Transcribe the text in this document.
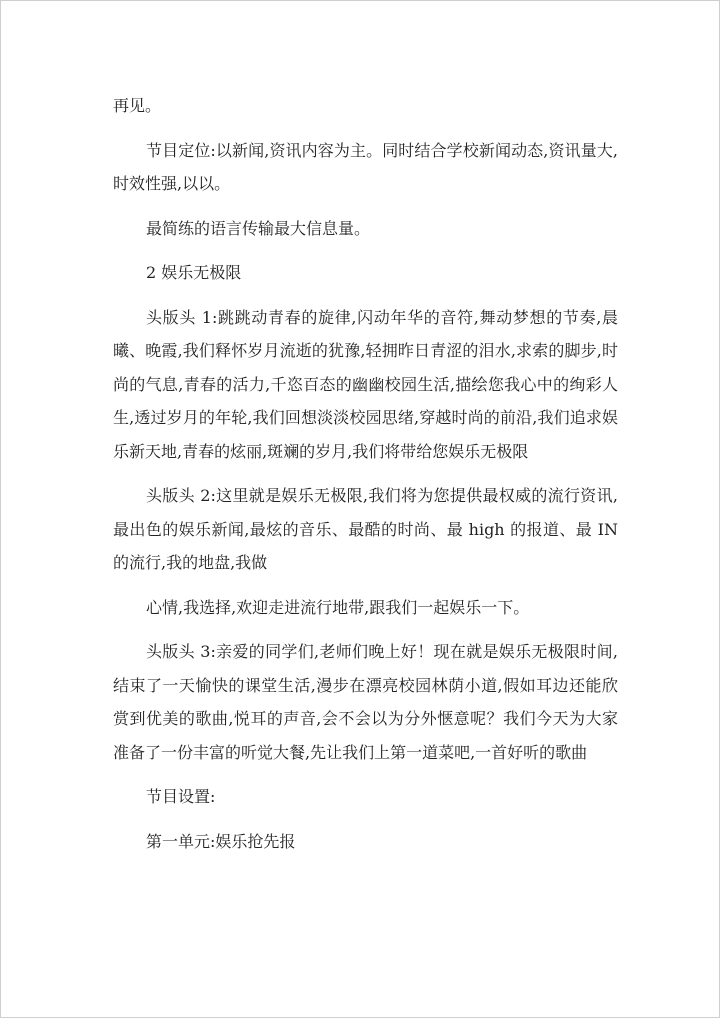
再见。

节目定位:以新闻,资讯内容为主。同时结合学校新闻动态,资讯量大,时效性强,以以。

最简练的语言传输最大信息量。

2 娱乐无极限

头版头 1:跳跳动青春的旋律,闪动年华的音符,舞动梦想的节奏,晨曦、晚霞,我们释怀岁月流逝的犹豫,轻拥昨日青涩的泪水,求索的脚步,时尚的气息,青春的活力,千恣百态的幽幽校园生活,描绘您我心中的绚彩人生,透过岁月的年轮,我们回想淡淡校园思绪,穿越时尚的前沿,我们追求娱乐新天地,青春的炫丽,斑斓的岁月,我们将带给您娱乐无极限

头版头 2:这里就是娱乐无极限,我们将为您提供最权威的流行资讯,最出色的娱乐新闻,最炫的音乐、最酷的时尚、最 high 的报道、最 IN 的流行,我的地盘,我做

心情,我选择,欢迎走进流行地带,跟我们一起娱乐一下。

头版头 3:亲爱的同学们,老师们晚上好！现在就是娱乐无极限时间,结束了一天愉快的课堂生活,漫步在漂亮校园林荫小道,假如耳边还能欣赏到优美的歌曲,悦耳的声音,会不会以为分外惬意呢？我们今天为大家准备了一份丰富的听觉大餐,先让我们上第一道菜吧,一首好听的歌曲

节目设置:

第一单元:娱乐抢先报
